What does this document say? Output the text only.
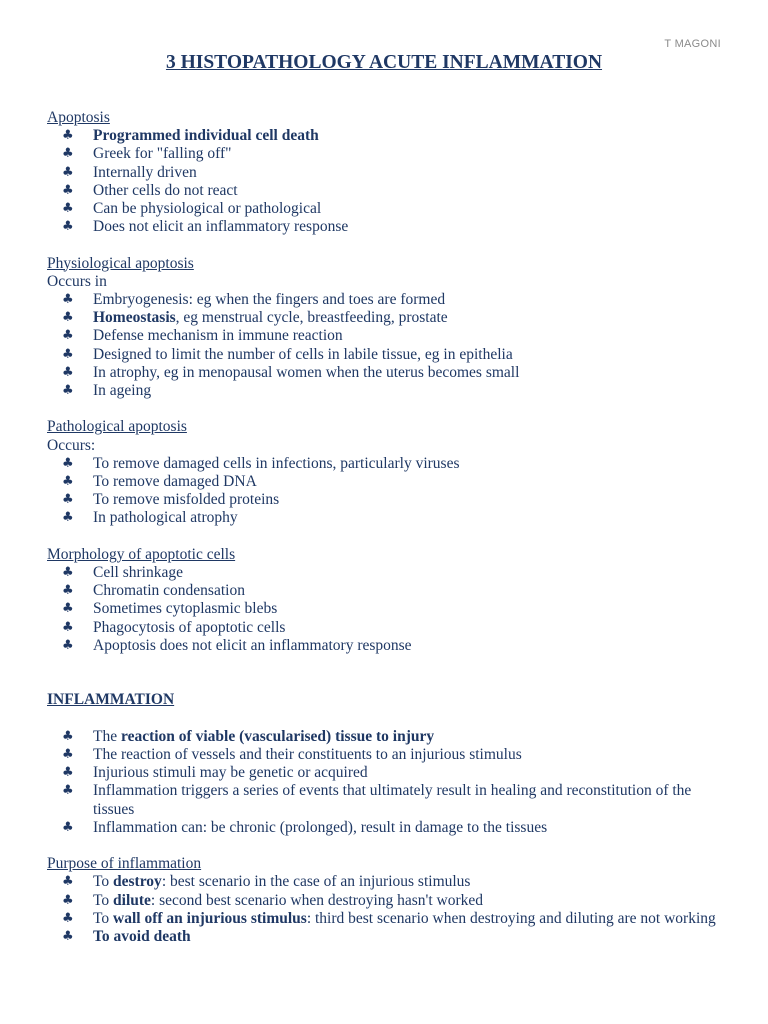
T MAGONI
3 HISTOPATHOLOGY ACUTE INFLAMMATION
Apoptosis
♣ Programmed individual cell death
♣ Greek for "falling off"
♣ Internally driven
♣ Other cells do not react
♣ Can be physiological or pathological
♣ Does not elicit an inflammatory response
Physiological apoptosis
Occurs in
♣ Embryogenesis: eg when the fingers and toes are formed
♣ Homeostasis, eg menstrual cycle, breastfeeding, prostate
♣ Defense mechanism in immune reaction
♣ Designed to limit the number of cells in labile tissue, eg in epithelia
♣ In atrophy, eg in menopausal women when the uterus becomes small
♣ In ageing
Pathological apoptosis
Occurs:
♣ To remove damaged cells in infections, particularly viruses
♣ To remove damaged DNA
♣ To remove misfolded proteins
♣ In pathological atrophy
Morphology of apoptotic cells
♣ Cell shrinkage
♣ Chromatin condensation
♣ Sometimes cytoplasmic blebs
♣ Phagocytosis of apoptotic cells
♣ Apoptosis does not elicit an inflammatory response
INFLAMMATION
♣ The reaction of viable (vascularised) tissue to injury
♣ The reaction of vessels and their constituents to an injurious stimulus
♣ Injurious stimuli may be genetic or acquired
♣ Inflammation triggers a series of events that ultimately result in healing and reconstitution of the tissues
♣ Inflammation can: be chronic (prolonged), result in damage to the tissues
Purpose of inflammation
♣ To destroy: best scenario in the case of an injurious stimulus
♣ To dilute: second best scenario when destroying hasn't worked
♣ To wall off an injurious stimulus: third best scenario when destroying and diluting are not working
♣ To avoid death
